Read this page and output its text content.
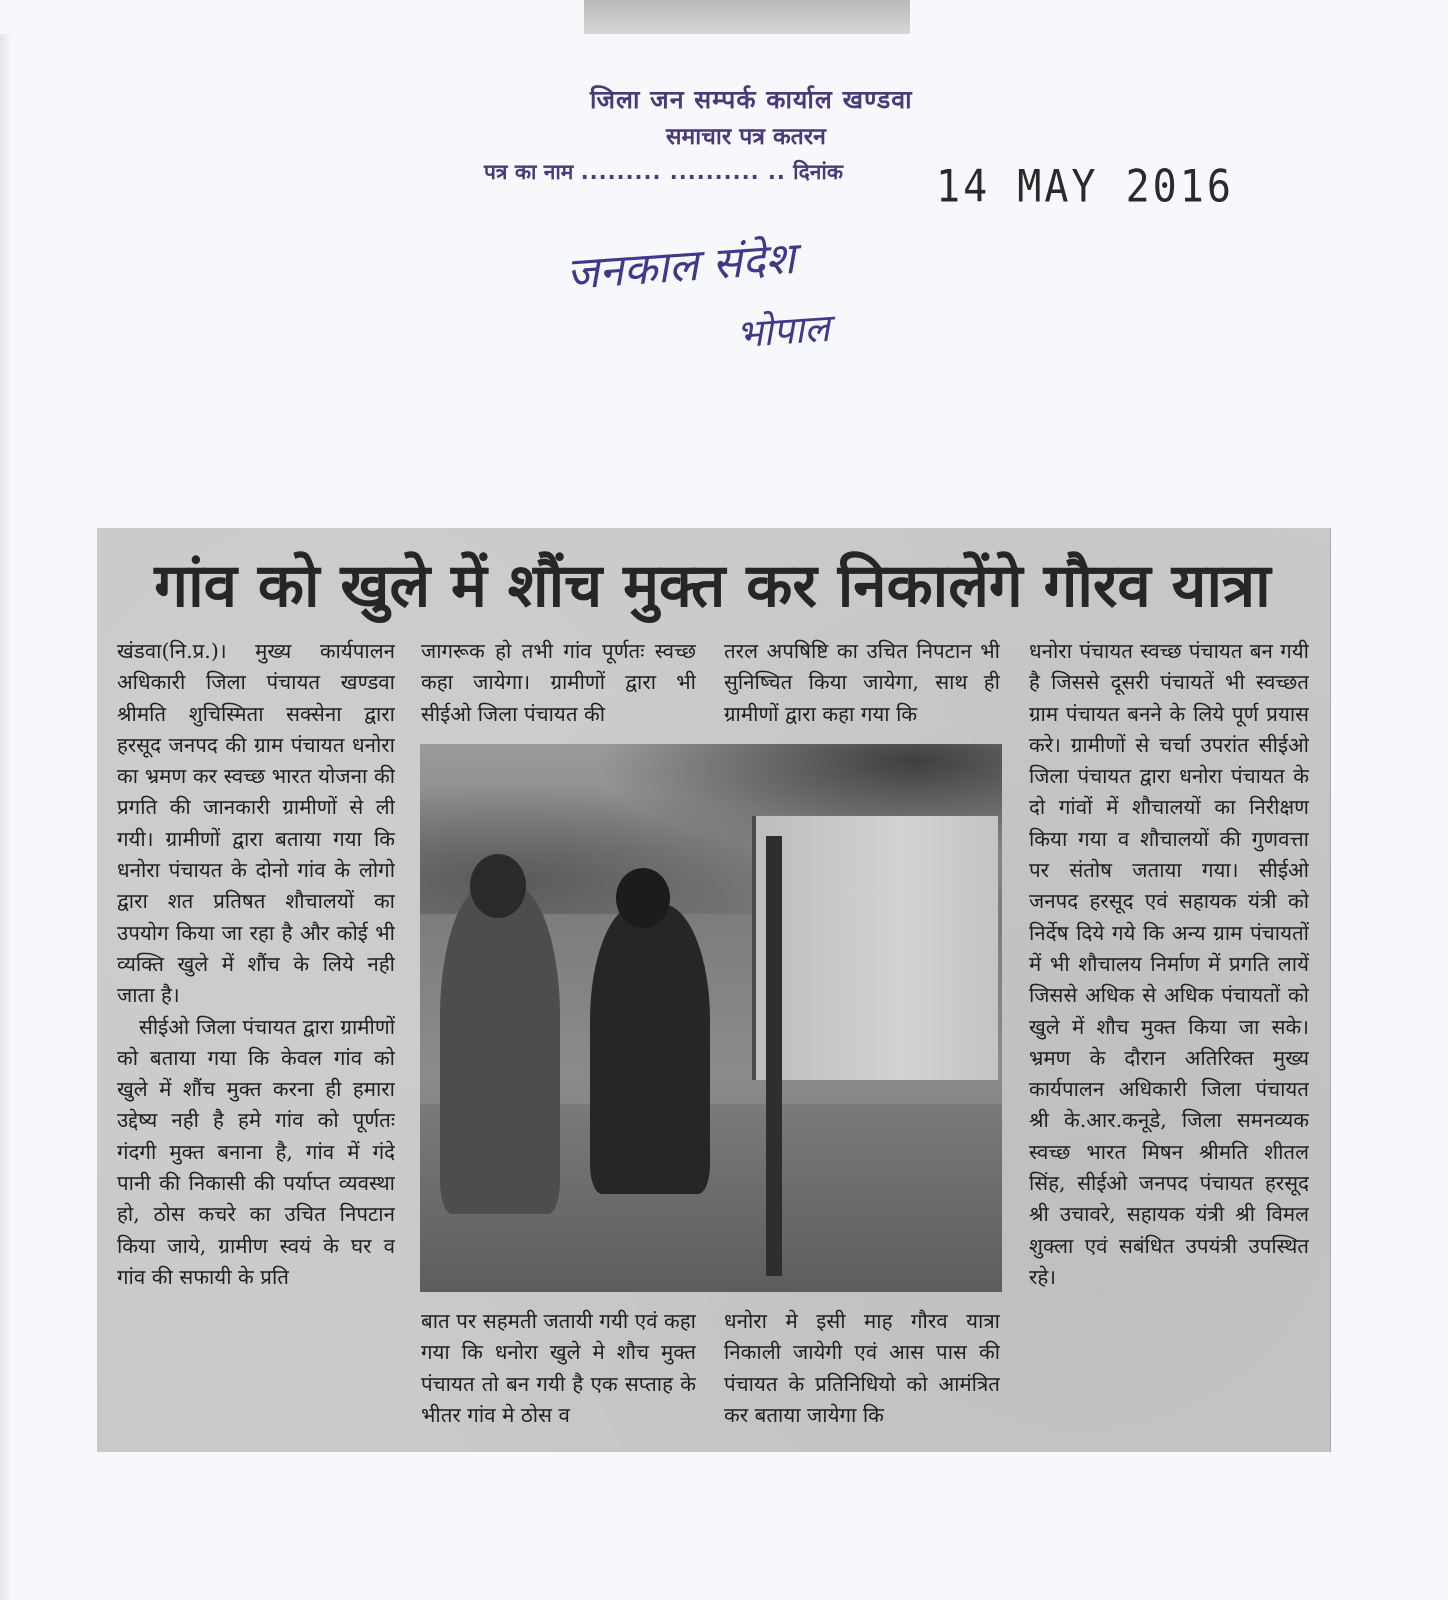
जिला जन सम्पर्क कार्याल खण्डवा
समाचार पत्र कतरन
पत्र का नाम ......... .......... .. दिनांक 14 MAY 2016
जनकाल संदेश
भोपाल
गांव को खुले में शौंच मुक्त कर निकालेंगे गौरव यात्रा

खंडवा(नि.प्र.)। मुख्य कार्यपालन अधिकारी जिला पंचायत खण्डवा श्रीमति शुचिस्मिता सक्सेना द्वारा हरसूद जनपद की ग्राम पंचायत धनोरा का भ्रमण कर स्वच्छ भारत योजना की प्रगति की जानकारी ग्रामीणों से ली गयी। ग्रामीणों द्वारा बताया गया कि धनोरा पंचायत के दोनो गांव के लोगो द्वारा शत प्रतिषत शौचालयों का उपयोग किया जा रहा है और कोई भी व्यक्ति खुले में शौंच के लिये नही जाता है।

सीईओ जिला पंचायत द्वारा ग्रामीणों को बताया गया कि केवल गांव को खुले में शौंच मुक्त करना ही हमारा उद्देष्य नही है हमे गांव को पूर्णतः गंदगी मुक्त बनाना है, गांव में गंदे पानी की निकासी की पर्याप्त व्यवस्था हो, ठोस कचरे का उचित निपटान किया जाये, ग्रामीण स्वयं के घर व गांव की सफायी के प्रति

जागरूक हो तभी गांव पूर्णतः स्वच्छ कहा जायेगा। ग्रामीणों द्वारा भी सीईओ जिला पंचायत की

तरल अपषिष्टि का उचित निपटान भी सुनिष्चित किया जायेगा, साथ ही ग्रामीणों द्वारा कहा गया कि

बात पर सहमती जतायी गयी एवं कहा गया कि धनोरा खुले मे शौच मुक्त पंचायत तो बन गयी है एक सप्ताह के भीतर गांव मे ठोस व

धनोरा मे इसी माह गौरव यात्रा निकाली जायेगी एवं आस पास की पंचायत के प्रतिनिधियो को आमंत्रित कर बताया जायेगा कि

धनोरा पंचायत स्वच्छ पंचायत बन गयी है जिससे दूसरी पंचायतें भी स्वच्छत ग्राम पंचायत बनने के लिये पूर्ण प्रयास करे। ग्रामीणों से चर्चा उपरांत सीईओ जिला पंचायत द्वारा धनोरा पंचायत के दो गांवों में शौचालयों का निरीक्षण किया गया व शौचालयों की गुणवत्ता पर संतोष जताया गया। सीईओ जनपद हरसूद एवं सहायक यंत्री को निर्देष दिये गये कि अन्य ग्राम पंचायतों में भी शौचालय निर्माण में प्रगति लायें जिससे अधिक से अधिक पंचायतों को खुले में शौच मुक्त किया जा सके। भ्रमण के दौरान अतिरिक्त मुख्य कार्यपालन अधिकारी जिला पंचायत श्री के.आर.कनूडे, जिला समनव्यक स्वच्छ भारत मिषन श्रीमति शीतल सिंह, सीईओ जनपद पंचायत हरसूद श्री उचावरे, सहायक यंत्री श्री विमल शुक्ला एवं सबंधित उपयंत्री उपस्थित रहे।
